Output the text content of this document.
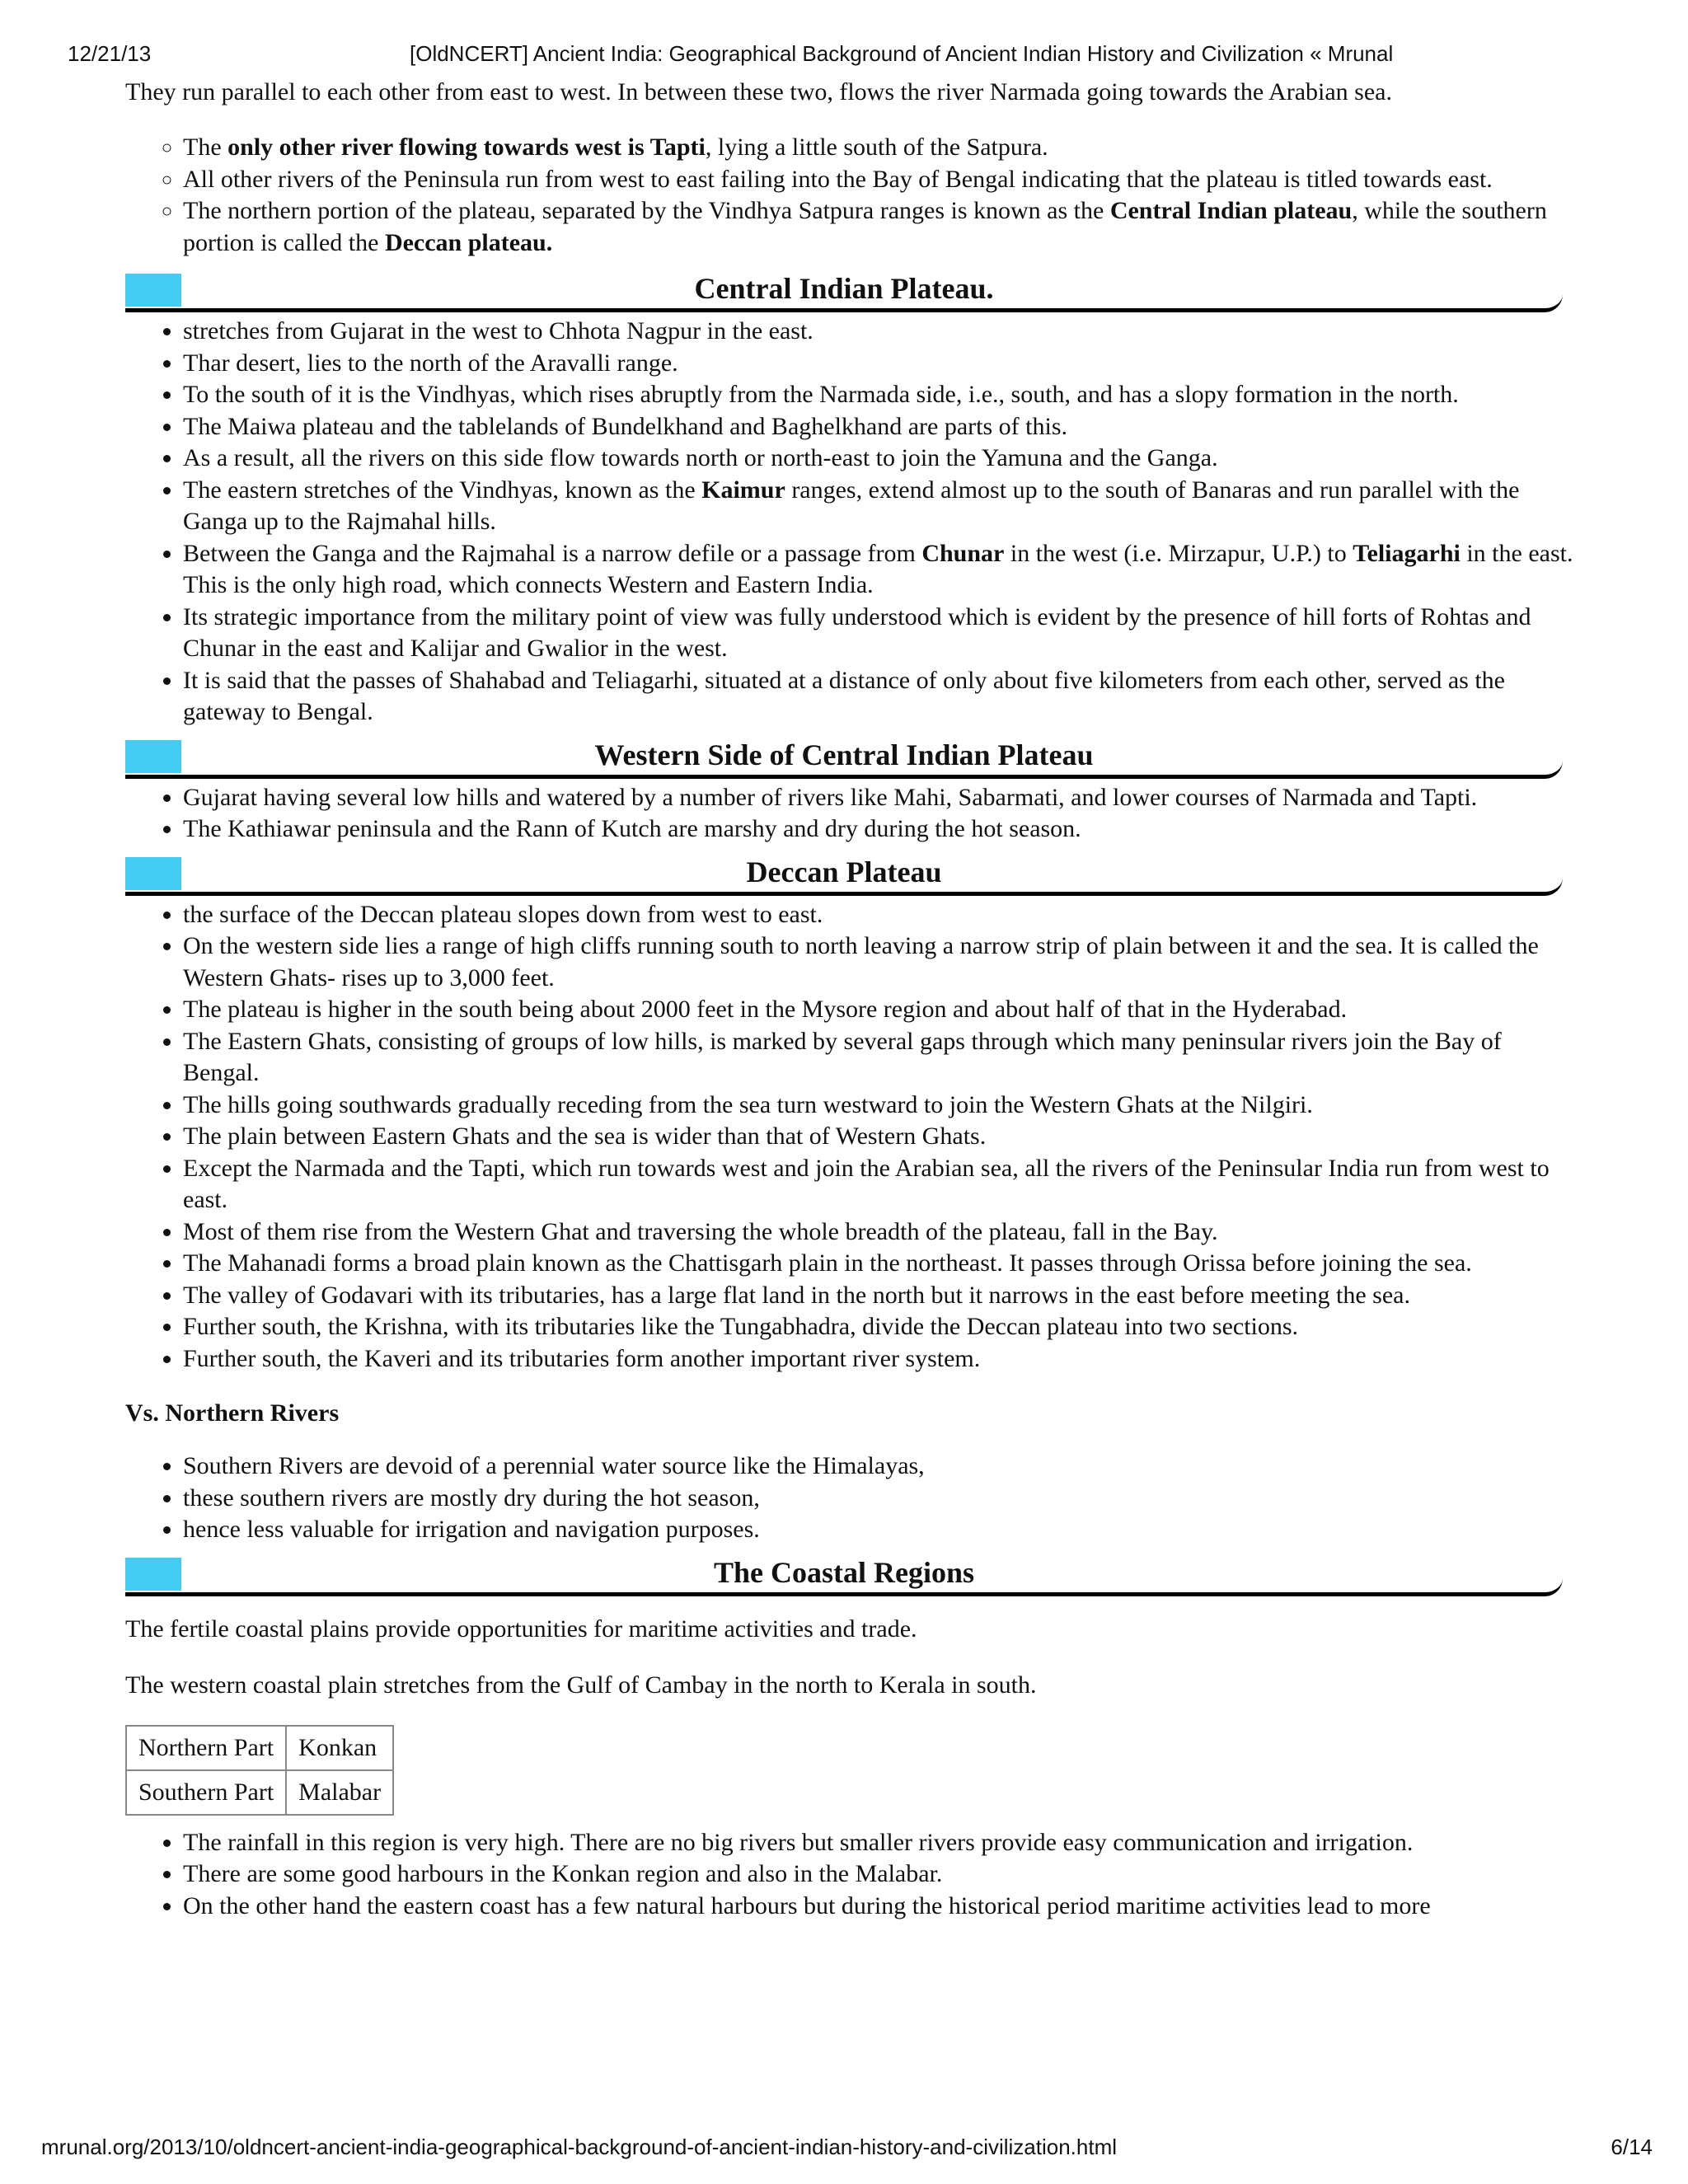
12/21/13	[OldNCERT] Ancient India: Geographical Background of Ancient Indian History and Civilization « Mrunal

They run parallel to each other from east to west. In between these two, flows the river Narmada going towards the Arabian sea.

◦ The only other river flowing towards west is Tapti, lying a little south of the Satpura.
◦ All other rivers of the Peninsula run from west to east failing into the Bay of Bengal indicating that the plateau is titled towards east.
◦ The northern portion of the plateau, separated by the Vindhya Satpura ranges is known as the Central Indian plateau, while the southern portion is called the Deccan plateau.
Central Indian Plateau.
• stretches from Gujarat in the west to Chhota Nagpur in the east.
• Thar desert, lies to the north of the Aravalli range.
• To the south of it is the Vindhyas, which rises abruptly from the Narmada side, i.e., south, and has a slopy formation in the north.
• The Maiwa plateau and the tablelands of Bundelkhand and Baghelkhand are parts of this.
• As a result, all the rivers on this side flow towards north or north-east to join the Yamuna and the Ganga.
• The eastern stretches of the Vindhyas, known as the Kaimur ranges, extend almost up to the south of Banaras and run parallel with the Ganga up to the Rajmahal hills.
• Between the Ganga and the Rajmahal is a narrow defile or a passage from Chunar in the west (i.e. Mirzapur, U.P.) to Teliagarhi in the east. This is the only high road, which connects Western and Eastern India.
• Its strategic importance from the military point of view was fully understood which is evident by the presence of hill forts of Rohtas and Chunar in the east and Kalijar and Gwalior in the west.
• It is said that the passes of Shahabad and Teliagarhi, situated at a distance of only about five kilometers from each other, served as the gateway to Bengal.
Western Side of Central Indian Plateau
• Gujarat having several low hills and watered by a number of rivers like Mahi, Sabarmati, and lower courses of Narmada and Tapti.
• The Kathiawar peninsula and the Rann of Kutch are marshy and dry during the hot season.
Deccan Plateau
• the surface of the Deccan plateau slopes down from west to east.
• On the western side lies a range of high cliffs running south to north leaving a narrow strip of plain between it and the sea. It is called the Western Ghats- rises up to 3,000 feet.
• The plateau is higher in the south being about 2000 feet in the Mysore region and about half of that in the Hyderabad.
• The Eastern Ghats, consisting of groups of low hills, is marked by several gaps through which many peninsular rivers join the Bay of Bengal.
• The hills going southwards gradually receding from the sea turn westward to join the Western Ghats at the Nilgiri.
• The plain between Eastern Ghats and the sea is wider than that of Western Ghats.
• Except the Narmada and the Tapti, which run towards west and join the Arabian sea, all the rivers of the Peninsular India run from west to east.
• Most of them rise from the Western Ghat and traversing the whole breadth of the plateau, fall in the Bay.
• The Mahanadi forms a broad plain known as the Chattisgarh plain in the northeast. It passes through Orissa before joining the sea.
• The valley of Godavari with its tributaries, has a large flat land in the north but it narrows in the east before meeting the sea.
• Further south, the Krishna, with its tributaries like the Tungabhadra, divide the Deccan plateau into two sections.
• Further south, the Kaveri and its tributaries form another important river system.
Vs. Northern Rivers
• Southern Rivers are devoid of a perennial water source like the Himalayas,
• these southern rivers are mostly dry during the hot season,
• hence less valuable for irrigation and navigation purposes.
The Coastal Regions

The fertile coastal plains provide opportunities for maritime activities and trade.

The western coastal plain stretches from the Gulf of Cambay in the north to Kerala in south.

Northern Part	Konkan
Southern Part	Malabar
• The rainfall in this region is very high. There are no big rivers but smaller rivers provide easy communication and irrigation.
• There are some good harbours in the Konkan region and also in the Malabar.
• On the other hand the eastern coast has a few natural harbours but during the historical period maritime activities lead to more
mrunal.org/2013/10/oldncert-ancient-india-geographical-background-of-ancient-indian-history-and-civilization.html	6/14
